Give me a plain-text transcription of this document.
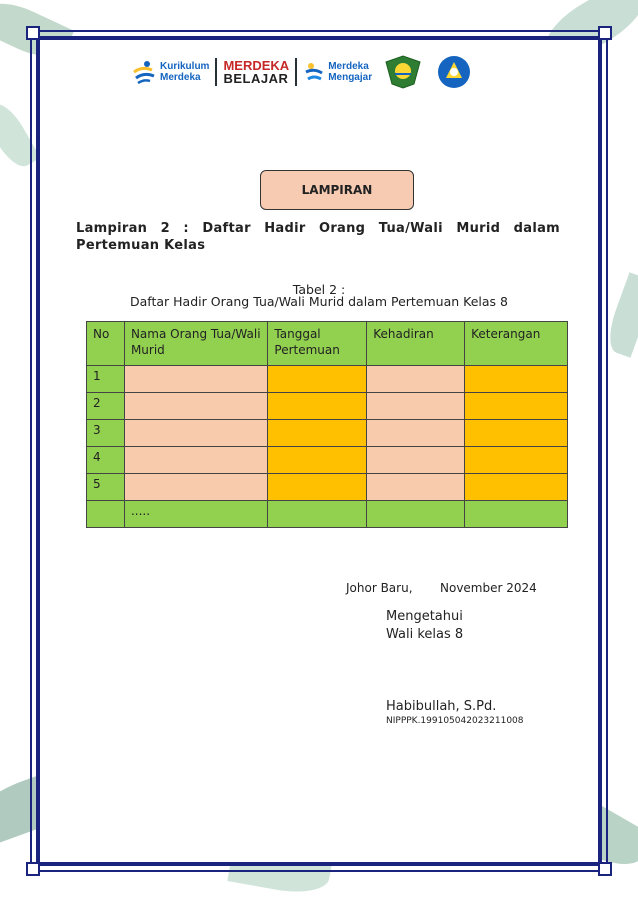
Kurikulum
Merdeka
MERDEKA
BELAJAR
Merdeka
Mengajar
LAMPIRAN
Lampiran 2 : Daftar Hadir Orang Tua/Wali Murid dalam Pertemuan Kelas
Tabel 2 :
Daftar Hadir Orang Tua/Wali Murid dalam Pertemuan Kelas 8
No	Nama Orang Tua/Wali Murid	Tanggal Pertemuan	Kehadiran	Keterangan
1				
2				
3				
4				
5				
	.....			
Johor Baru, November 2024
Mengetahui
Wali kelas 8
Habibullah, S.Pd.
NIPPPK.199105042023211008
